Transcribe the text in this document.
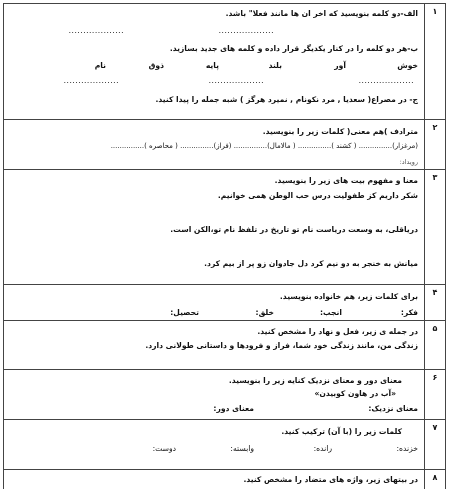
۱
الف-دو کلمه بنویسید که اخر ان ها مانند فعلا" باشد.
...................
...................
ب-هر دو کلمه را در کنار یکدیگر قرار داده و کلمه های جدید بسازید.
خوش
آور
بلند
پایه
ذوق
نام
...................
...................
...................
ج- در مصراع( سعدیا , مرد نکونام , نمیرد هرگز ) شبه جمله را پیدا کنید.
۲
مترادف )هم معنی( کلمات زیر را بنویسید.
(مرغزار)............... ( کشند )............... ( مالامال)............... (فراز)............... ( محاصره )...............
رویداد:
۳
معنا و مفهوم بیت های زیر را بنویسید.
شکر داریم کز طفولیت درس حب الوطن همی خوانیم.
دریاقلی، به وسعت دریاست نام تو تاریخ در تلفظ نام تو،الکن است.
میانش به خنجر به دو نیم کرد دل جادوان زو پر از بیم کرد.
۴
برای کلمات زیر، هم خانواده بنویسید.
فکر:
انجب:
خلق:
تحصیل:
۵
در جمله ی زیر، فعل و نهاد را مشخص کنید.
زندگی من، مانند زندگی خود شما، فراز و فرودها و داستانی طولانی دارد.
۶
معنای دور و معنای نزدیک کنایه زیر را بنویسید.
«آب در هاون کوبیدن»
معنای نزدیک:
معنای دور:
۷
کلمات زیر را (با آن) ترکیب کنید.
خزنده:
رانده:
وابسته:
دوست:
۸
در بیتهای زیر، واژه های متضاد را مشخص کنید.
